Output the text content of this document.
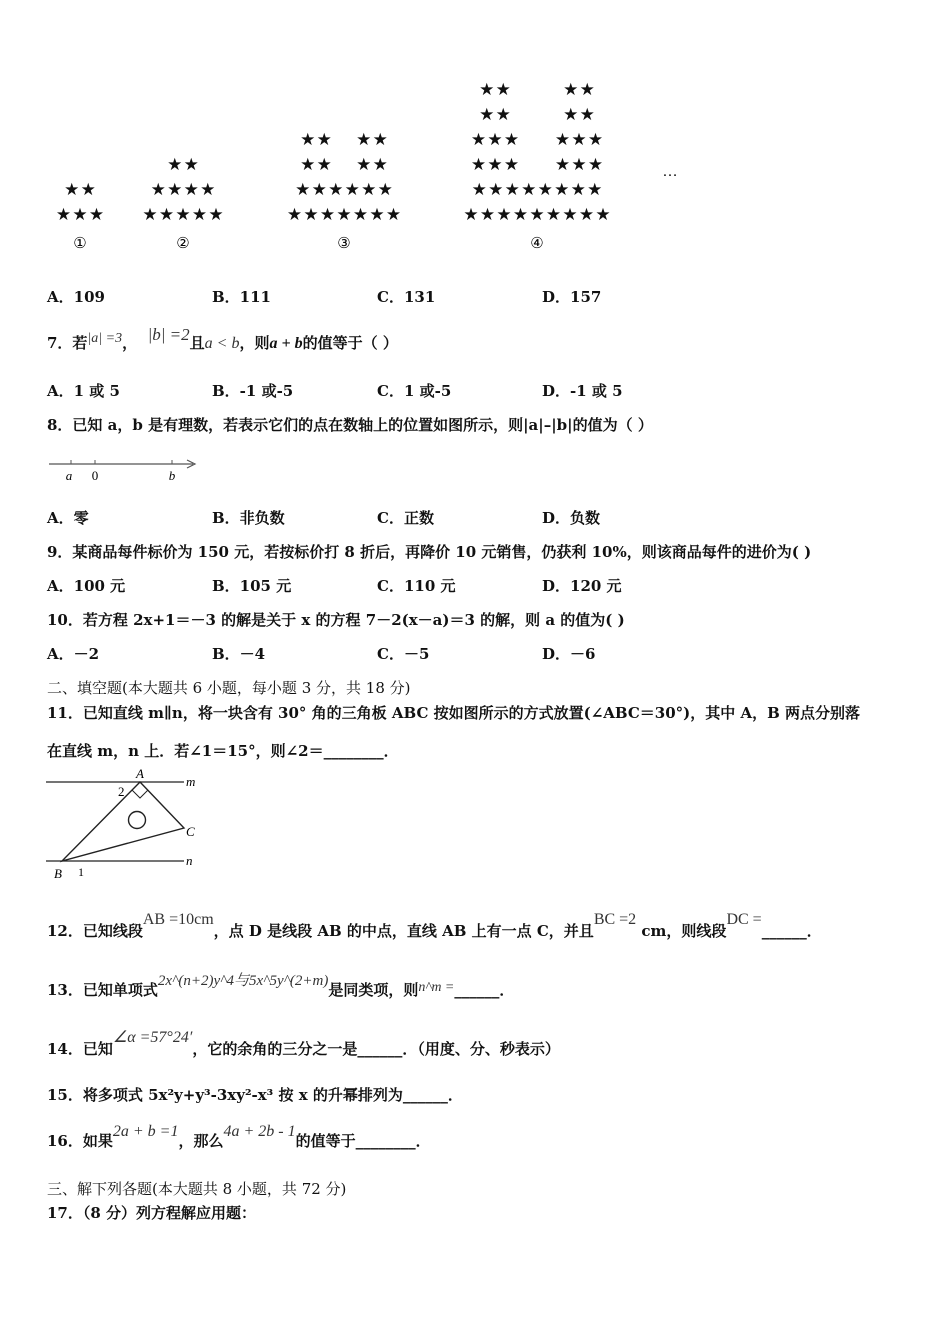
★ ★
★ ★ ★
★ ★
★ ★ ★ ★
★ ★ ★ ★ ★
★ ★ ★ ★
★ ★ ★ ★
★ ★ ★ ★ ★ ★
★ ★ ★ ★ ★ ★ ★
★ ★	★ ★
★ ★	★ ★
★ ★ ★ ★ ★ ★
★ ★ ★ ★ ★ ★
★ ★ ★ ★ ★ ★ ★ ★
★ ★ ★ ★ ★ ★ ★ ★ ★
①	②	③	④
…
A．109	B．111	C．131	D．157
7．若|a| =3， |b| =2且a < b，则a + b的值等于（ ）
A．1 或 5	B．-1 或-5	C．1 或-5	D．-1 或 5
8．已知 a，b 是有理数，若表示它们的点在数轴上的位置如图所示，则|a|–|b|的值为（ ）
a 0	b
A．零	B．非负数	C．正数	D．负数
9．某商品每件标价为 150 元，若按标价打 8 折后，再降价 10 元销售，仍获利 10%，则该商品每件的进价为( )
A．100 元	B．105 元	C．110 元	D．120 元
10．若方程 2x+1＝－3 的解是关于 x 的方程 7－2(x－a)＝3 的解，则 a 的值为( )
A．－2	B．－4	C．－5	D．－6
二、填空题(本大题共 6 小题，每小题 3 分，共 18 分)
11．已知直线 m∥n，将一块含有 30° 角的三角板 ABC 按如图所示的方式放置(∠ABC＝30°)，其中 A，B 两点分别落
在直线 m，n 上．若∠1＝15°，则∠2＝________．
m
n
A
C
B 1
2
12．已知线段AB =10cm，点 D 是线段 AB 的中点，直线 AB 上有一点 C，并且BC =2 cm，则线段DC =______．
13．已知单项式2x^(n+2)y^4与5x^5y^(2+m)是同类项，则n^m =______．
14．已知∠α =57°24′，它的余角的三分之一是______．（用度、分、秒表示）
15．将多项式 5x²y+y³-3xy²-x³ 按 x 的升幂排列为______．
16．如果2a + b =1，那么4a + 2b - 1的值等于________．
三、解下列各题(本大题共 8 小题，共 72 分)
17．（8 分）列方程解应用题：
